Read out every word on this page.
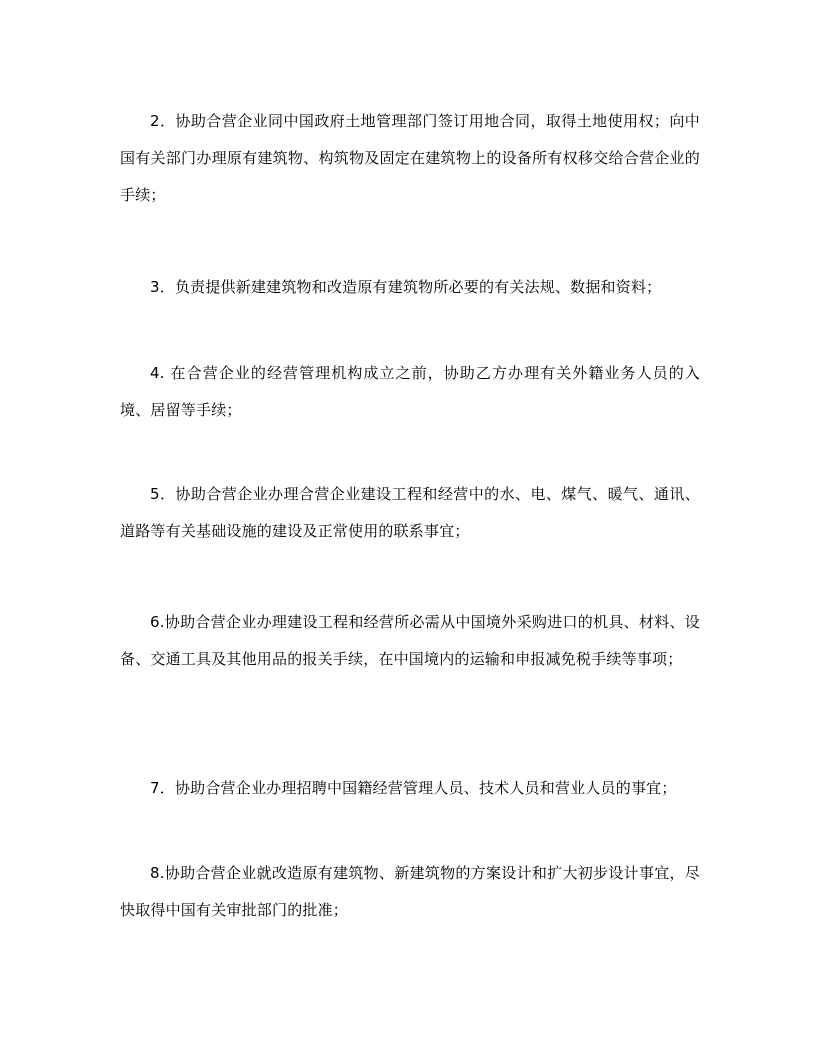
2．协助合营企业同中国政府土地管理部门签订用地合同，取得土地使用权；向中国有关部门办理原有建筑物、构筑物及固定在建筑物上的设备所有权移交给合营企业的手续；

3．负责提供新建建筑物和改造原有建筑物所必要的有关法规、数据和资料；

4. 在合营企业的经营管理机构成立之前，协助乙方办理有关外籍业务人员的入境、居留等手续；

5．协助合营企业办理合营企业建设工程和经营中的水、电、煤气、暖气、通讯、道路等有关基础设施的建设及正常使用的联系事宜；

6.协助合营企业办理建设工程和经营所必需从中国境外采购进口的机具、材料、设备、交通工具及其他用品的报关手续，在中国境内的运输和申报减免税手续等事项；

7．协助合营企业办理招聘中国籍经营管理人员、技术人员和营业人员的事宜；

8.协助合营企业就改造原有建筑物、新建筑物的方案设计和扩大初步设计事宜，尽快取得中国有关审批部门的批准；
